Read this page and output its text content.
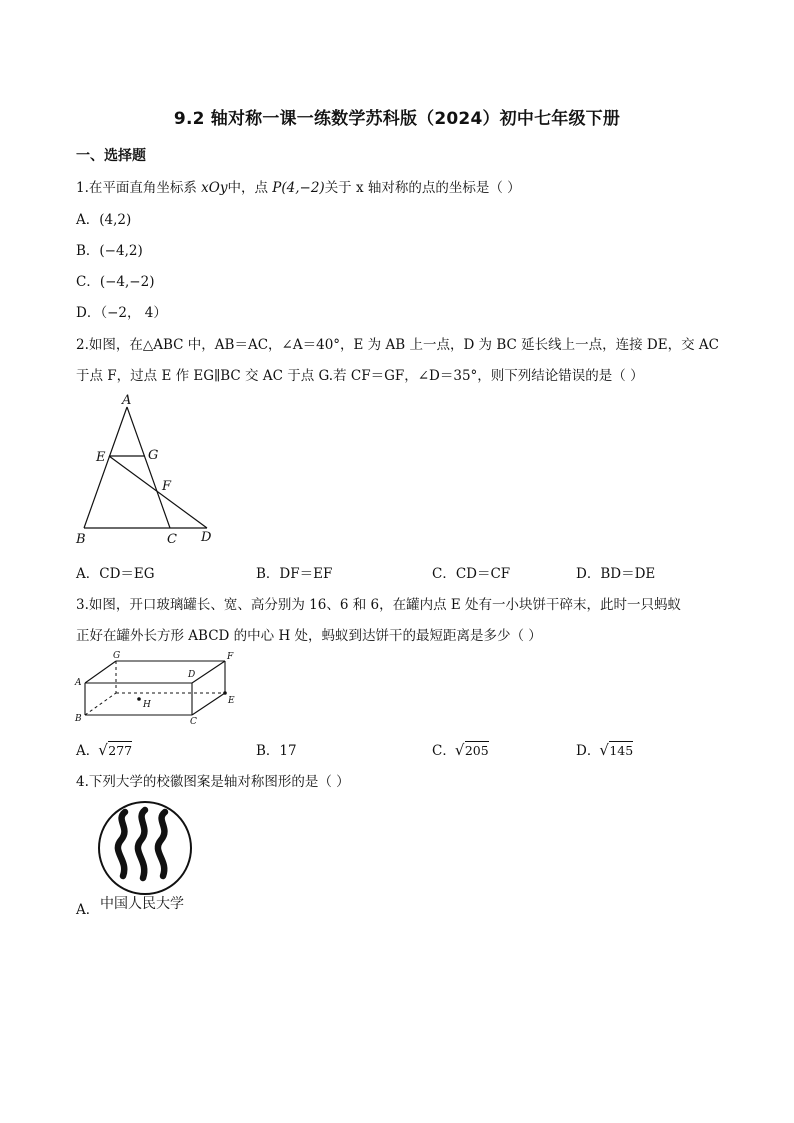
9.2 轴对称一课一练数学苏科版（2024）初中七年级下册
一、选择题
1.在平面直角坐标系 xOy中，点 P(4,−2)关于 x 轴对称的点的坐标是（ ）
A．(4,2)
B．(−4,2)
C．(−4,−2)
D．（−2， 4）
2.如图，在△ABC 中，AB＝AC，∠A＝40°，E 为 AB 上一点，D 为 BC 延长线上一点，连接 DE，交 AC
于点 F，过点 E 作 EG∥BC 交 AC 于点 G.若 CF＝GF，∠D＝35°，则下列结论错误的是（ ）
A
E	G
F
B	C D
A．CD＝EG	B．DF＝EF	C．CD＝CF	D．BD＝DE
3.如图，开口玻璃罐长、宽、高分别为 16、6 和 6，在罐内点 E 处有一小块饼干碎末，此时一只蚂蚁
正好在罐外长方形 ABCD 的中心 H 处，蚂蚁到达饼干的最短距离是多少（ ）
G
D
F
A
H	E
B	C
A． √ 277	B．17	C． √ 205	D． √ 145
4.下列大学的校徽图案是轴对称图形的是（ ）
A． 中国人民大学
